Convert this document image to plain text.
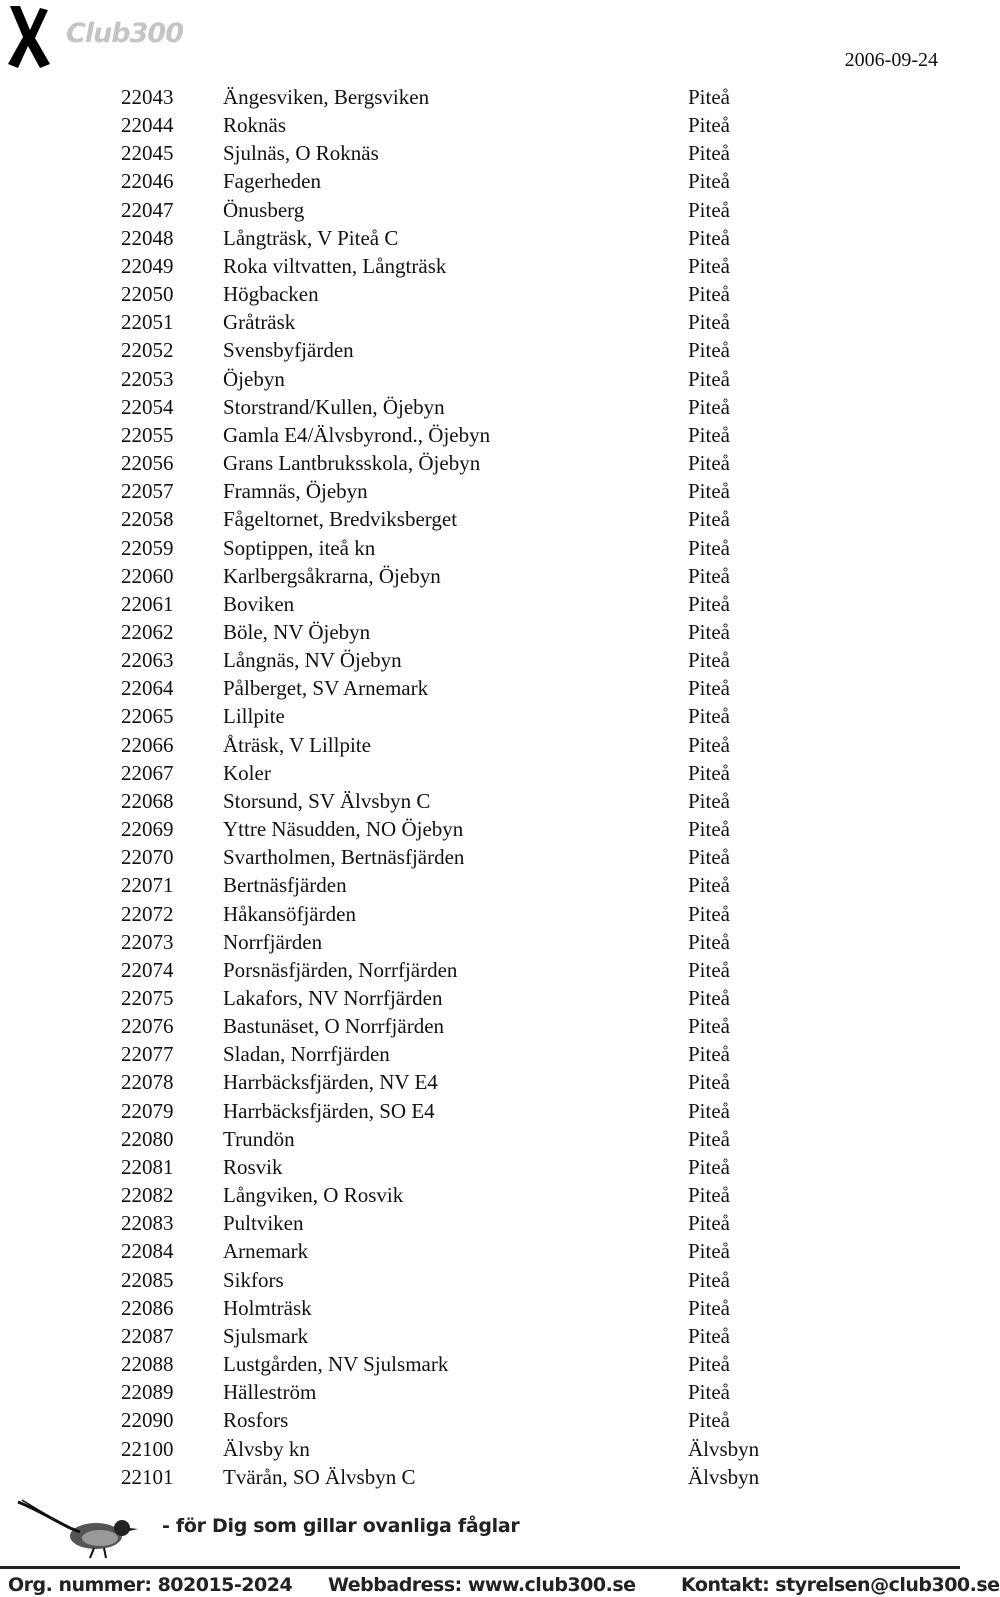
Club300
2006-09-24
22043 Ängesviken, Bergsviken	Piteå
22044 Roknäs	Piteå
22045 Sjulnäs, O Roknäs	Piteå
22046 Fagerheden	Piteå
22047 Önusberg	Piteå
22048 Långträsk, V Piteå C	Piteå
22049 Roka viltvatten, Långträsk	Piteå
22050 Högbacken	Piteå
22051 Gråträsk	Piteå
22052 Svensbyfjärden	Piteå
22053 Öjebyn	Piteå
22054 Storstrand/Kullen, Öjebyn	Piteå
22055 Gamla E4/Älvsbyrond., Öjebyn	Piteå
22056 Grans Lantbruksskola, Öjebyn	Piteå
22057 Framnäs, Öjebyn	Piteå
22058 Fågeltornet, Bredviksberget	Piteå
22059 Soptippen, iteå kn	Piteå
22060 Karlbergsåkrarna, Öjebyn	Piteå
22061 Boviken	Piteå
22062 Böle, NV Öjebyn	Piteå
22063 Långnäs, NV Öjebyn	Piteå
22064 Pålberget, SV Arnemark	Piteå
22065 Lillpite	Piteå
22066 Åträsk, V Lillpite	Piteå
22067 Koler	Piteå
22068 Storsund, SV Älvsbyn C	Piteå
22069 Yttre Näsudden, NO Öjebyn	Piteå
22070 Svartholmen, Bertnäsfjärden	Piteå
22071 Bertnäsfjärden	Piteå
22072 Håkansöfjärden	Piteå
22073 Norrfjärden	Piteå
22074 Porsnäsfjärden, Norrfjärden	Piteå
22075 Lakafors, NV Norrfjärden	Piteå
22076 Bastunäset, O Norrfjärden	Piteå
22077 Sladan, Norrfjärden	Piteå
22078 Harrbäcksfjärden, NV E4	Piteå
22079 Harrbäcksfjärden, SO E4	Piteå
22080 Trundön	Piteå
22081 Rosvik	Piteå
22082 Långviken, O Rosvik	Piteå
22083 Pultviken	Piteå
22084 Arnemark	Piteå
22085 Sikfors	Piteå
22086 Holmträsk	Piteå
22087 Sjulsmark	Piteå
22088 Lustgården, NV Sjulsmark	Piteå
22089 Hälleström	Piteå
22090 Rosfors	Piteå
22100 Älvsby kn	Älvsbyn
22101 Tvärån, SO Älvsbyn C	Älvsbyn
- för Dig som gillar ovanliga fåglar
Org. nummer: 802015-2024 Webbadress: www.club300.se Kontakt: styrelsen@club300.se
